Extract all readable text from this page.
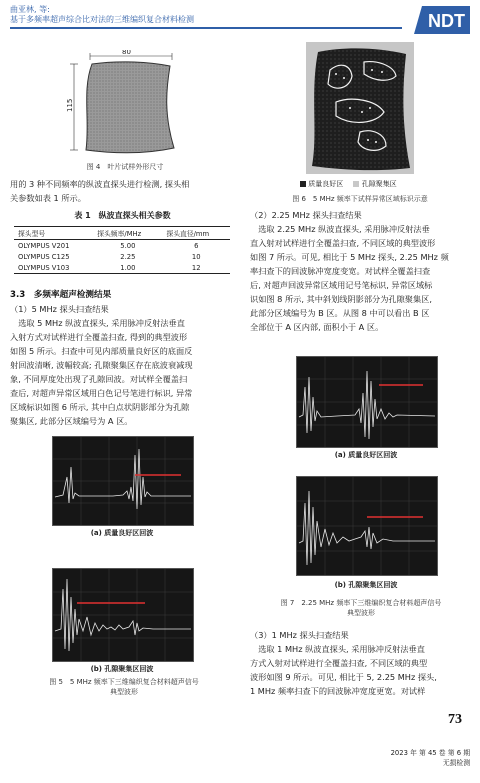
曲亚林, 等:
基于多频率超声综合比对法的三维编织复合材料检测	NDT
80
115
图 4　叶片试样外形尺寸
用的 3 种不同频率的纵波直探头进行检测, 探头相
关参数如表 1 所示。
表 1　纵波直探头相关参数
探头型号	探头频率/MHz	探头直径/mm
OLYMPUS V201	5.00	6
OLYMPUS C125	2.25	10
OLYMPUS V103	1.00	12
3.3　多频率超声检测结果
（1）5 MHz 探头扫查结果
　选取 5 MHz 纵波直探头, 采用脉冲反射法垂直
入射方式对试样进行全覆盖扫查, 得到的典型波形
如图 5 所示。扫查中可见内部质量良好区的底面反
射回波清晰, 波幅较高; 孔隙聚集区存在底波衰减现
象, 不同厚度处出现了孔隙回波。对试样全覆盖扫
查后, 对超声异常区域用白色记号笔进行标识, 异常
区域标识如图 6 所示, 其中白点状阴影部分为孔隙
聚集区, 此部分区域编号为 A 区。
(a) 质量良好区回波
(b) 孔隙聚集区回波
图 5　5 MHz 频率下三维编织复合材料超声信号
典型波形
质量良好区	孔隙聚集区
图 6　5 MHz 频率下试样异常区域标识示意
（2）2.25 MHz 探头扫查结果
　选取 2.25 MHz 纵波直探头, 采用脉冲反射法垂
直入射对试样进行全覆盖扫查, 不同区域的典型波形
如图 7 所示。可见, 相比于 5 MHz 探头, 2.25 MHz 频
率扫查下的回波脉冲宽度变宽。对试样全覆盖扫查
后, 对超声回波异常区域用记号笔标识, 异常区域标
识如图 8 所示, 其中斜划线阴影部分为孔隙聚集区,
此部分区域编号为 B 区。从图 8 中可以看出 B 区
全部位于 A 区内部, 面积小于 A 区。
(a) 质量良好区回波
(b) 孔隙聚集区回波
图 7　2.25 MHz 频率下三维编织复合材料超声信号
典型波形
（3）1 MHz 探头扫查结果
　选取 1 MHz 纵波直探头, 采用脉冲反射法垂直
方式入射对试样进行全覆盖扫查, 不同区域的典型
波形如图 9 所示。可见, 相比于 5, 2.25 MHz 探头,
1 MHz 频率扫查下的回波脉冲宽度更宽。对试样
73
2023 年 第 45 卷 第 6 期
无损检测
